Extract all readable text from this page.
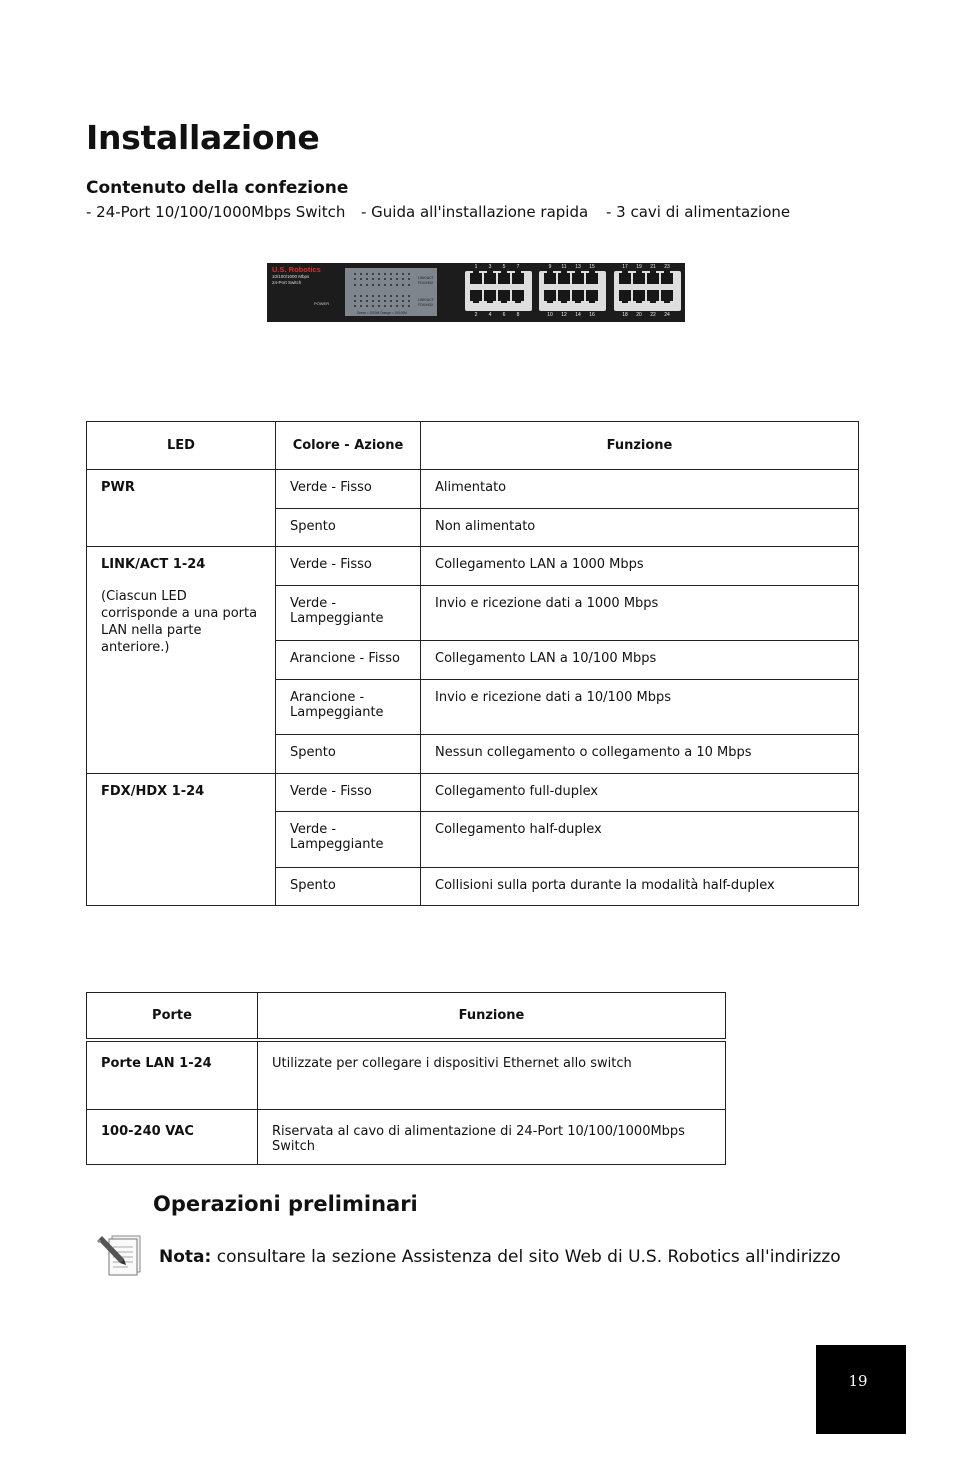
Installazione
Contenuto della confezione
- 24-Port 10/100/1000Mbps Switch - Guida all'installazione rapida - 3 cavi di alimentazione
U.S. Robotics
10/100/1000 Mbps
24-Port Switch
POWER
LINK/ACT
FDX/HDX
LINK/ACT
FDX/HDX
Green = 1000M Orange = 10/100M
1
2
3
4
5
6
7
8
9
10
11
12
13
14
15
16
17
18
19
20
21
22
23
24
LED	Colore - Azione	Funzione
PWR	Verde - Fisso	Alimentato
	Spento	Non alimentato

LINK/ACT 1-24
(Ciascun LED corrisponde a una porta LAN nella parte anteriore.)	Verde - Fisso	Collegamento LAN a 1000 Mbps
	Verde - Lampeggiante	Invio e ricezione dati a 1000 Mbps
	Arancione - Fisso	Collegamento LAN a 10/100 Mbps
	Arancione - Lampeggiante	Invio e ricezione dati a 10/100 Mbps
	Spento	Nessun collegamento o collegamento a 10 Mbps
FDX/HDX 1-24	Verde - Fisso	Collegamento full-duplex
	Verde - Lampeggiante	Collegamento half-duplex
	Spento	Collisioni sulla porta durante la modalità half-duplex
Porte	Funzione
Porte LAN 1-24	Utilizzate per collegare i dispositivi Ethernet allo switch
100-240 VAC	Riservata al cavo di alimentazione di 24-Port 10/100/1000Mbps Switch
Operazioni preliminari
Nota: consultare la sezione Assistenza del sito Web di U.S. Robotics all'indirizzo
19
